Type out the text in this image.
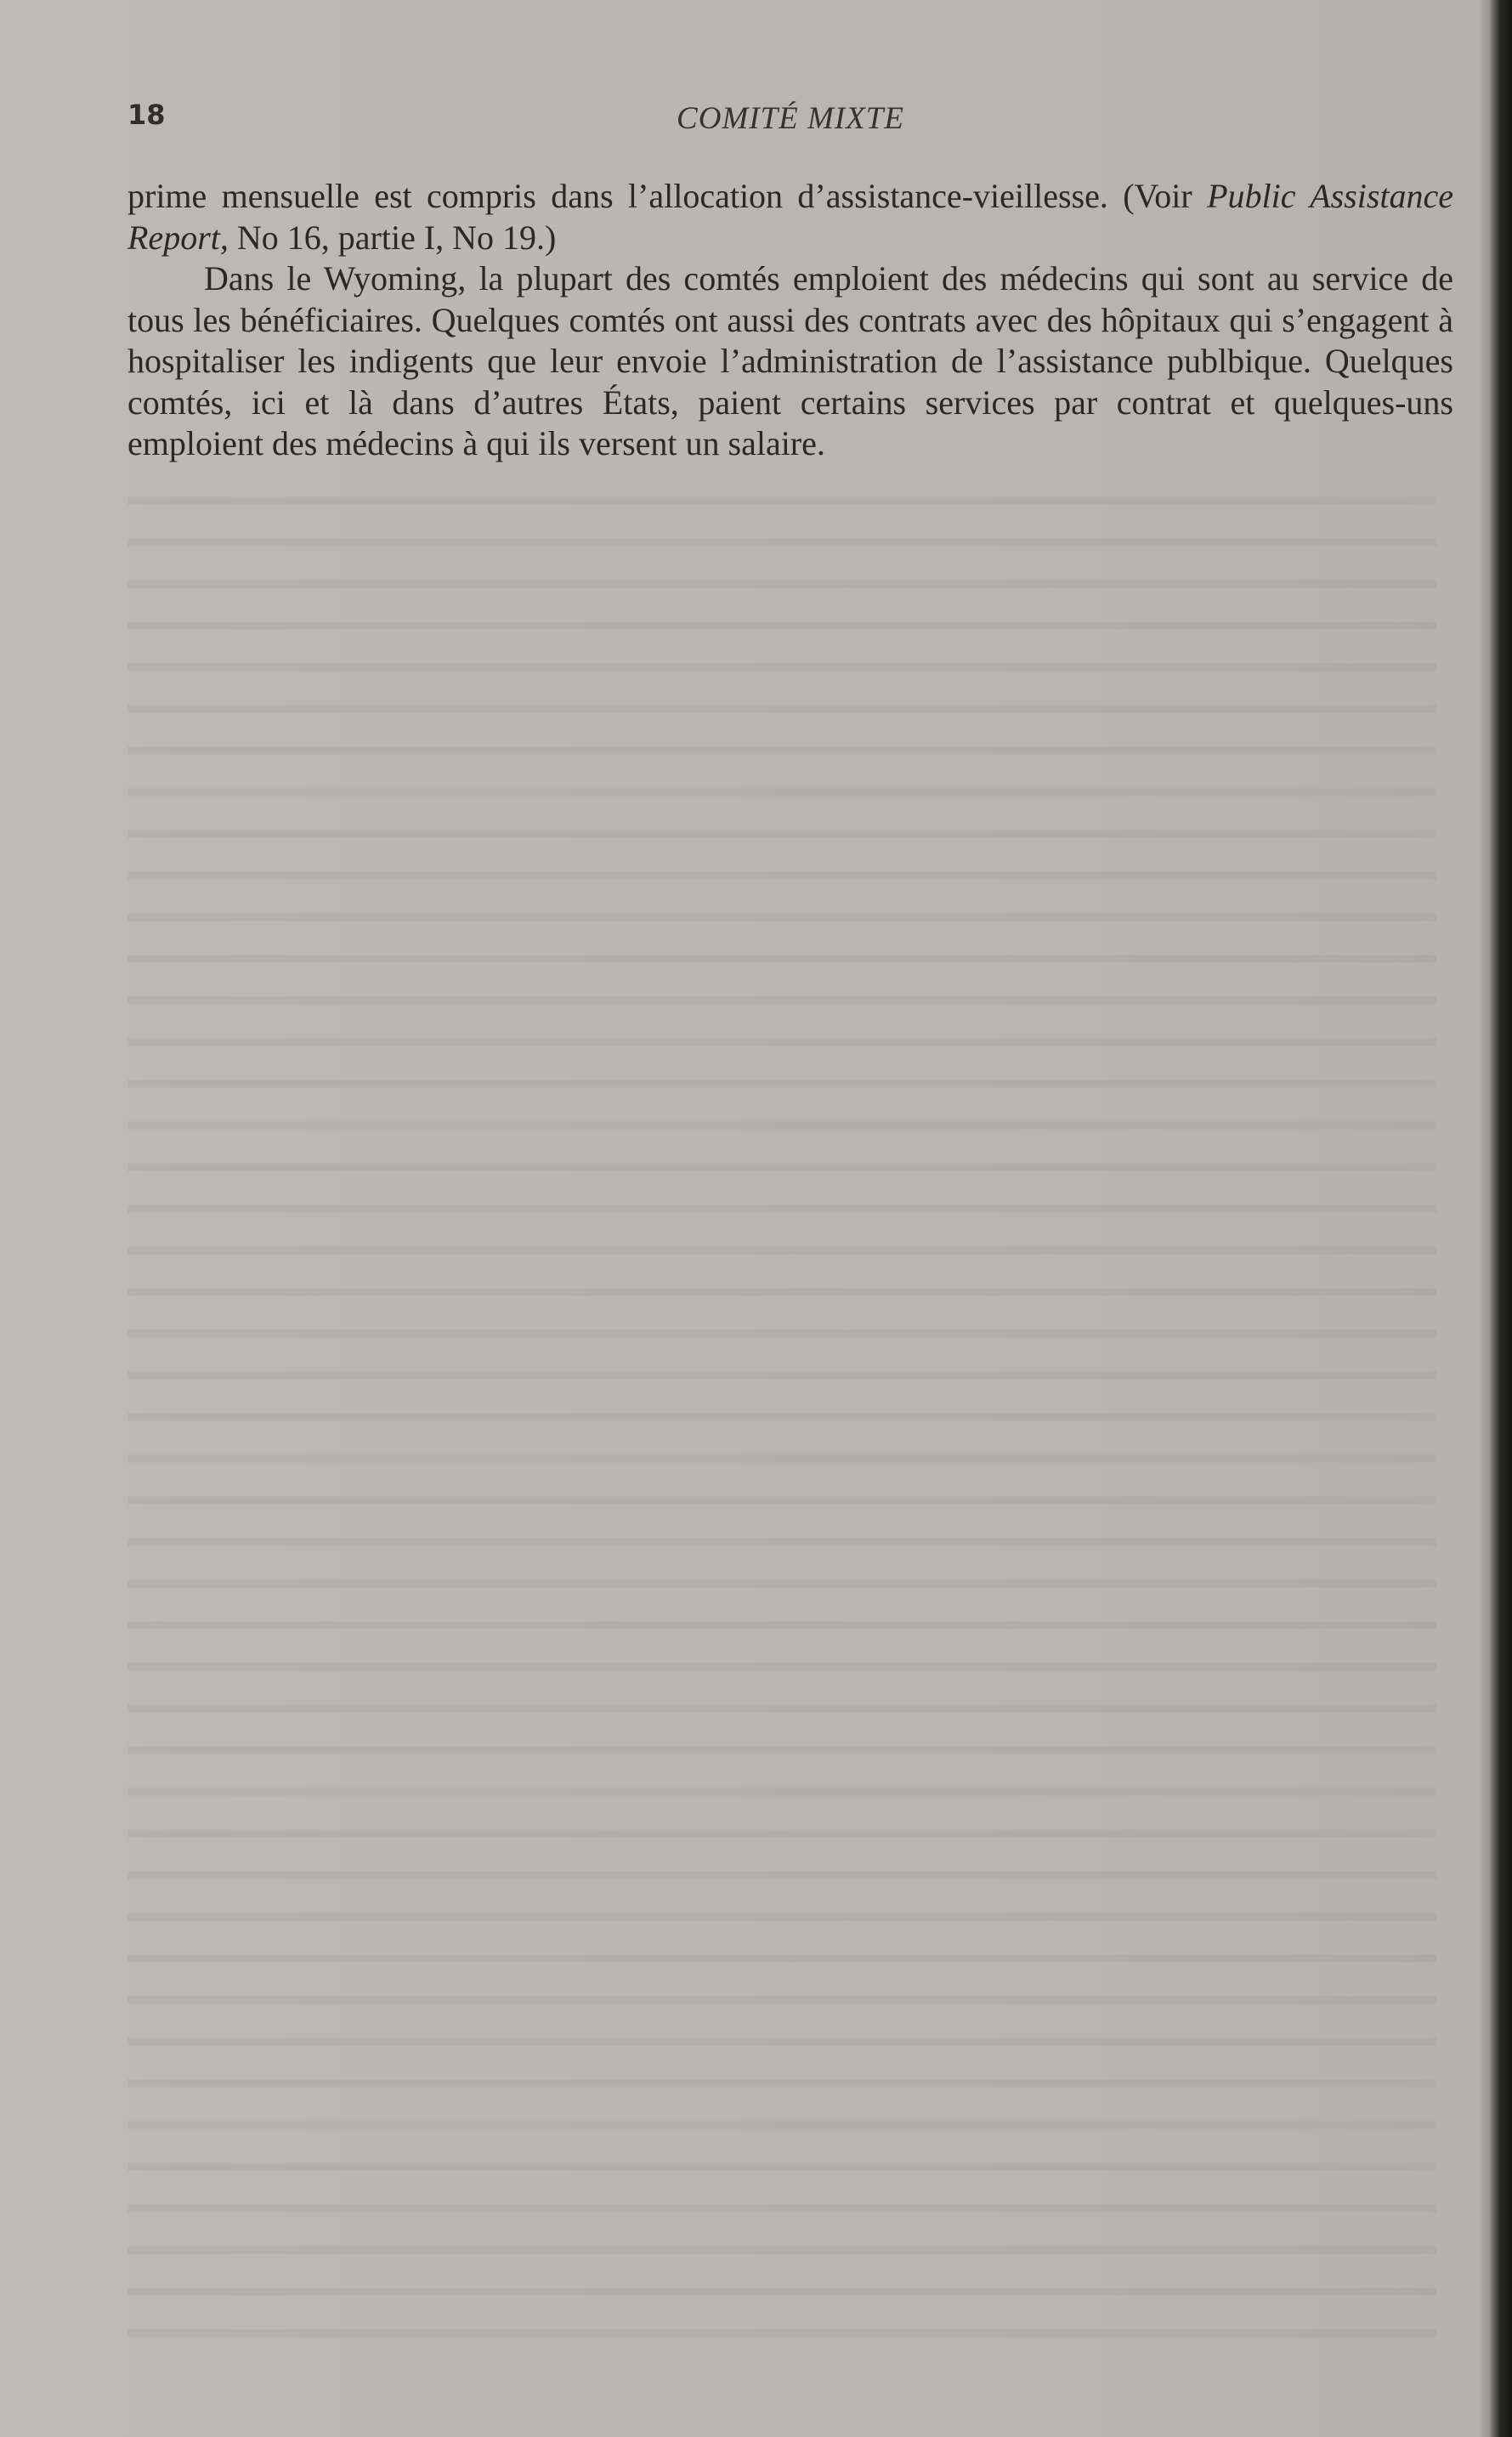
18	COMITÉ MIXTE

prime mensuelle est compris dans l’allocation d’assistance-vieillesse. (Voir Public Assistance Report, No 16, partie I, No 19.)

Dans le Wyoming, la plupart des comtés emploient des médecins qui sont au service de tous les bénéficiaires. Quelques comtés ont aussi des contrats avec des hôpitaux qui s’engagent à hospitaliser les indigents que leur envoie l’administration de l’assistance publbique. Quelques comtés, ici et là dans d’autres États, paient certains services par contrat et quelques-uns emploient des médecins à qui ils versent un salaire.
